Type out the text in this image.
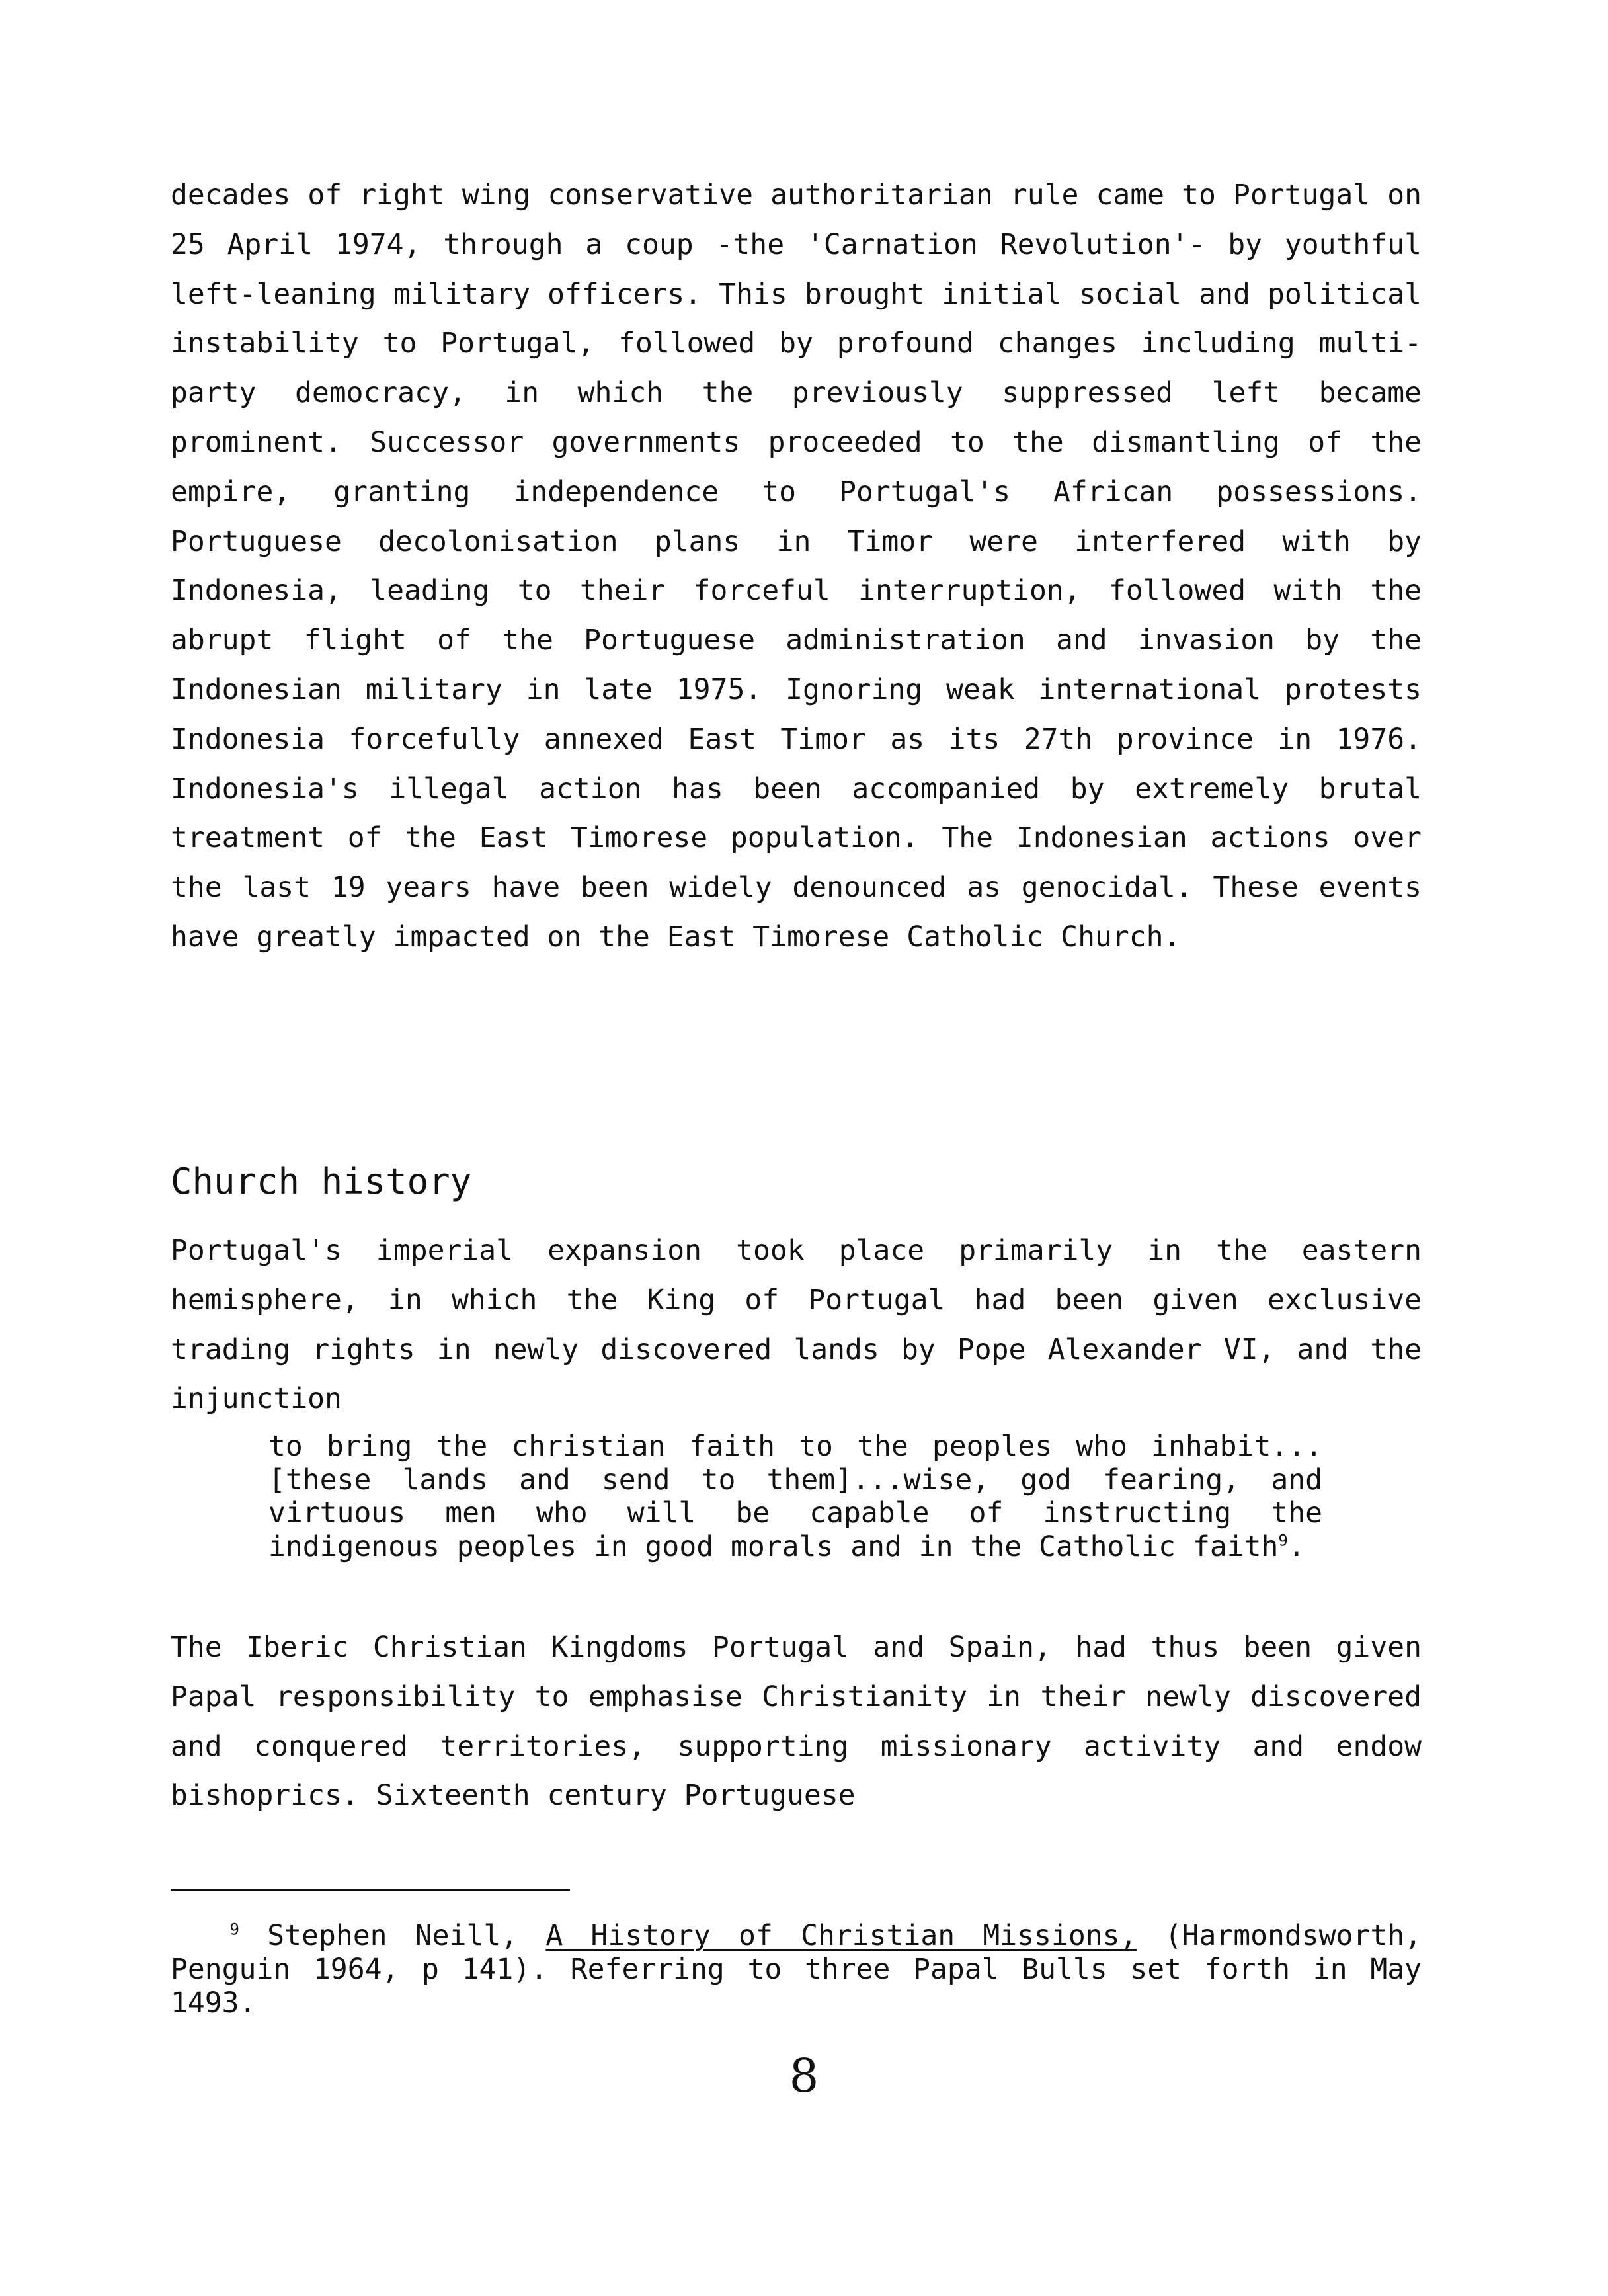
decades of right wing conservative authoritarian rule came to Portugal on 25 April 1974, through a coup -the 'Carnation Revolution'- by youthful left-leaning military officers. This brought initial social and political instability to Portugal, followed by profound changes including multi-party democracy, in which the previously suppressed left became prominent. Successor governments proceeded to the dismantling of the empire, granting independence to Portugal's African possessions. Portuguese decolonisation plans in Timor were interfered with by Indonesia, leading to their forceful interruption, followed with the abrupt flight of the Portuguese administration and invasion by the Indonesian military in late 1975. Ignoring weak international protests Indonesia forcefully annexed East Timor as its 27th province in 1976. Indonesia's illegal action has been accompanied by extremely brutal treatment of the East Timorese population. The Indonesian actions over the last 19 years have been widely denounced as genocidal. These events have greatly impacted on the East Timorese Catholic Church.

Church history

Portugal's imperial expansion took place primarily in the eastern hemisphere, in which the King of Portugal had been given exclusive trading rights in newly discovered lands by Pope Alexander VI, and the injunction

to bring the christian faith to the peoples who inhabit...[these lands and send to them]...wise, god fearing, and virtuous men who will be capable of instructing the indigenous peoples in good morals and in the Catholic faith$^9$.

The Iberic Christian Kingdoms Portugal and Spain, had thus been given Papal responsibility to emphasise Christianity in their newly discovered and conquered territories, supporting missionary activity and endow bishoprics. Sixteenth century Portuguese

$^9$ Stephen Neill, A History of Christian Missions, (Harmondsworth, Penguin 1964, p 141). Referring to three Papal Bulls set forth in May 1493.

8
